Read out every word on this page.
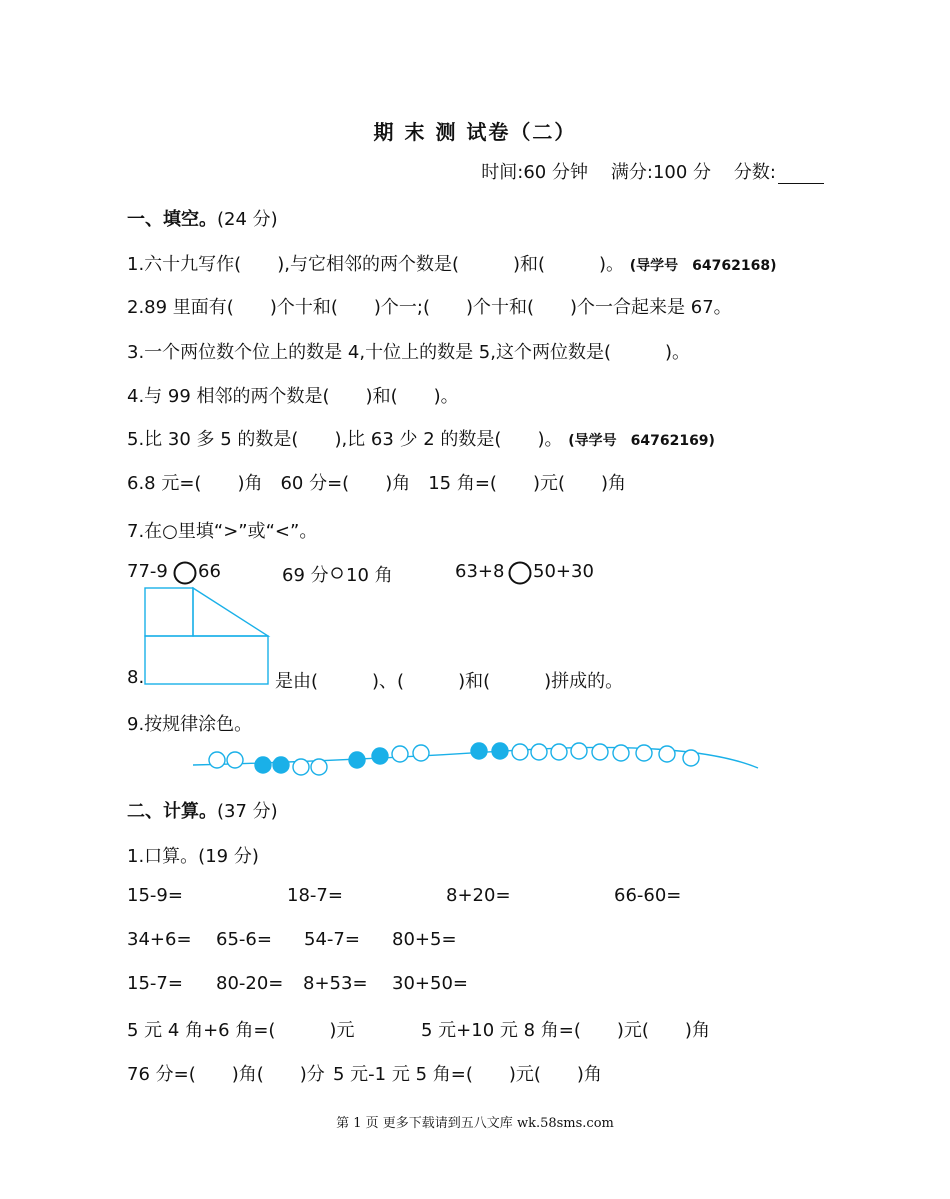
期 末 测 试卷（二）
时间:60 分钟 满分:100 分 分数:
一、填空。(24 分)
1.六十九写作(　　),与它相邻的两个数是(　　　)和(　　　)。 (导学号　64762168)
2.89 里面有(　　)个十和(　　)个一;(　　)个十和(　　)个一合起来是 67。
3.一个两位数个位上的数是 4,十位上的数是 5,这个两位数是(　　　)。
4.与 99 相邻的两个数是(　　)和(　　)。
5.比 30 多 5 的数是(　　),比 63 少 2 的数是(　　)。 (导学号　64762169)
6.8 元=(　　)角　60 分=(　　)角　15 角=(　　)元(　　)角
7.在○里填“>”或“<”。
77-9 66	69 分 10 角	63+8 50+30
8.	是由(　　　)、(　　　)和(　　　)拼成的。
9.按规律涂色。
二、计算。(37 分)
1.口算。(19 分)
15-9=	18-7=	8+20=	66-60=
34+6= 65-6= 54-7= 80+5=
15-7= 80-20= 8+53= 30+50=
5 元 4 角+6 角=(　　　)元	5 元+10 元 8 角=(　　)元(　　)角
76 分=(　　)角(　　)分 5 元-1 元 5 角=(　　)元(　　)角
第 1 页 更多下载请到五八文库 wk.58sms.com
